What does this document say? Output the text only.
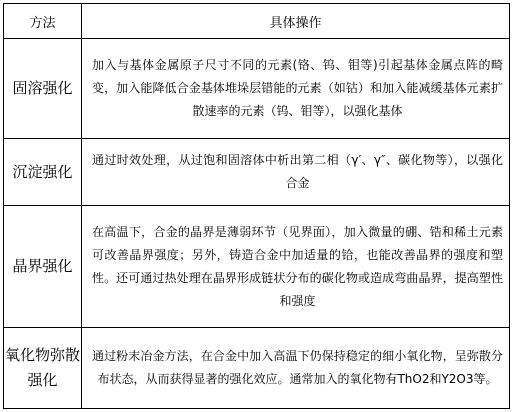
方法	具体操作
固溶强化	加入与基体金属原子尺寸不同的元素(铬、钨、钼等)引起基体金属点阵的畸变，加入能降低合金基体堆垛层错能的元素（如钴）和加入能减缓基体元素扩散速率的元素（钨、钼等），以强化基体
沉淀强化	通过时效处理，从过饱和固溶体中析出第二相（γ′、γ″、碳化物等），以强化合金
晶界强化	在高温下，合金的晶界是薄弱环节（见界面），加入微量的硼、锆和稀土元素可改善晶界强度；另外，铸造合金中加适量的铪，也能改善晶界的强度和塑性。还可通过热处理在晶界形成链状分布的碳化物或造成弯曲晶界，提高塑性和强度
氧化物弥散强化	通过粉末冶金方法，在合金中加入高温下仍保持稳定的细小氧化物，呈弥散分布状态，从而获得显著的强化效应。通常加入的氧化物有ThO2和Y2O3等。
